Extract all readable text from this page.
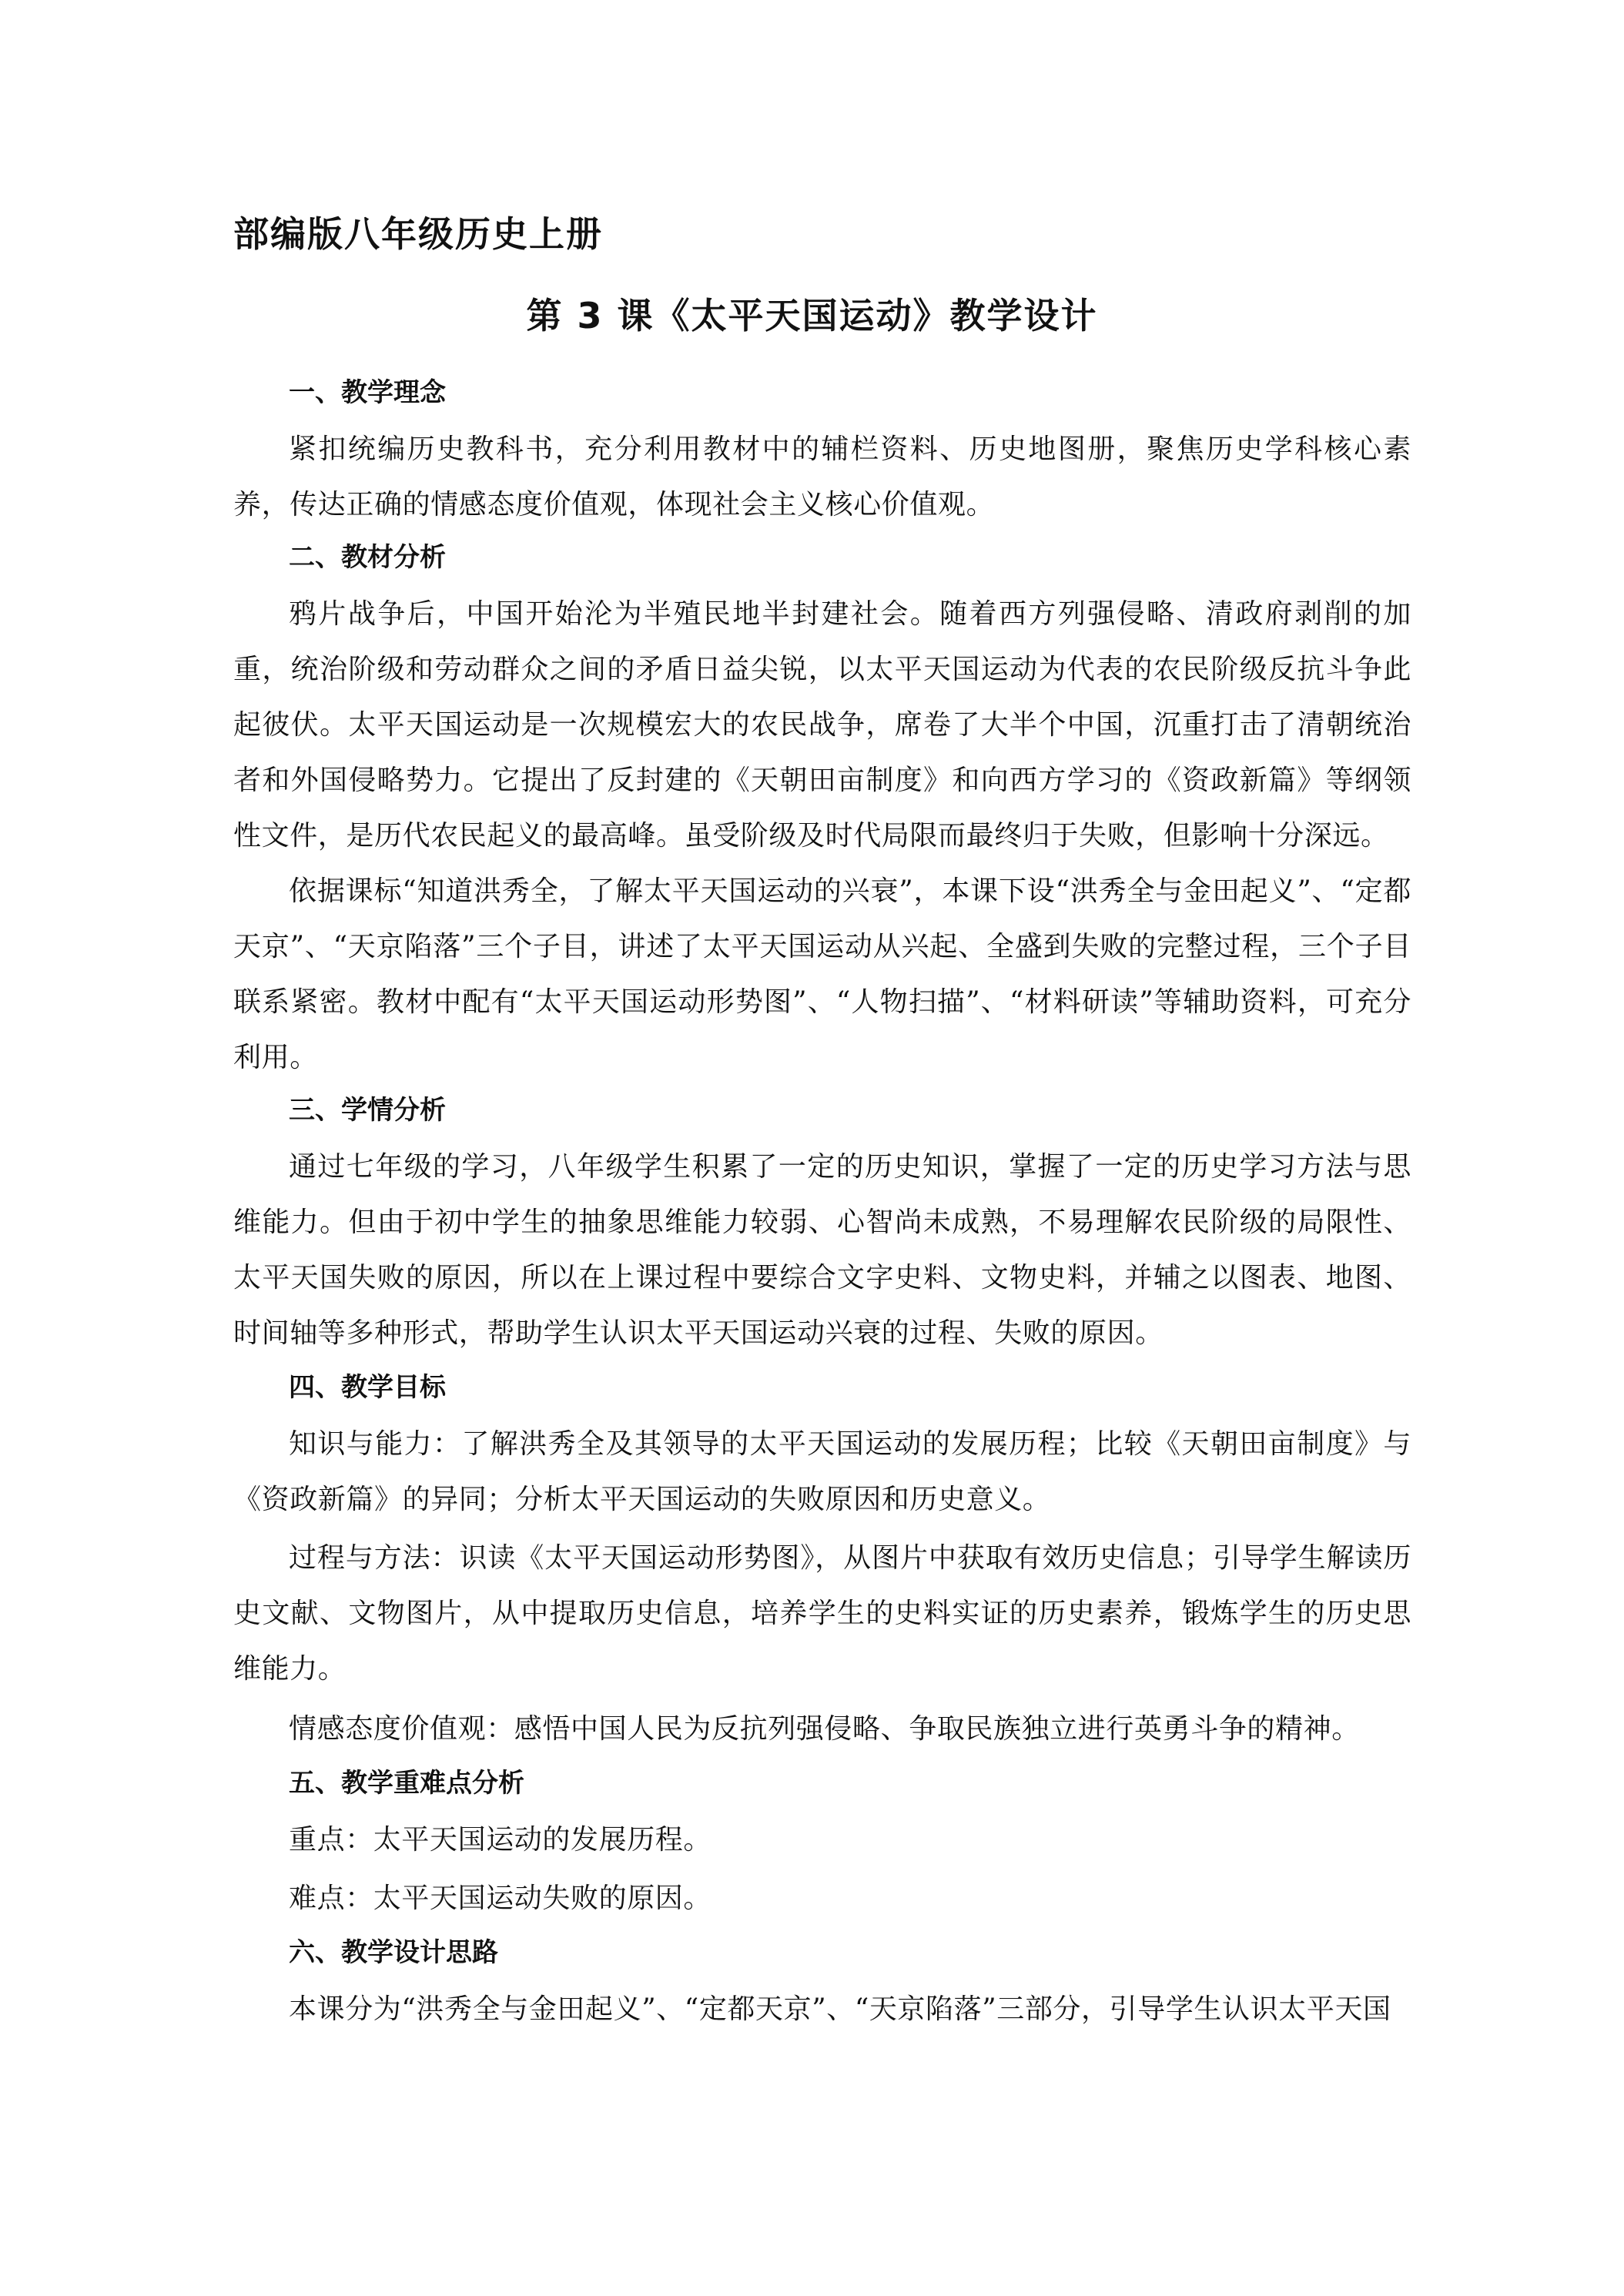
部编版八年级历史上册
第 3 课《太平天国运动》教学设计
一、教学理念

紧扣统编历史教科书，充分利用教材中的辅栏资料、历史地图册，聚焦历史学科核心素养，传达正确的情感态度价值观，体现社会主义核心价值观。

二、教材分析

鸦片战争后，中国开始沦为半殖民地半封建社会。随着西方列强侵略、清政府剥削的加重，统治阶级和劳动群众之间的矛盾日益尖锐，以太平天国运动为代表的农民阶级反抗斗争此起彼伏。太平天国运动是一次规模宏大的农民战争，席卷了大半个中国，沉重打击了清朝统治者和外国侵略势力。它提出了反封建的《天朝田亩制度》和向西方学习的《资政新篇》等纲领性文件，是历代农民起义的最高峰。虽受阶级及时代局限而最终归于失败，但影响十分深远。

依据课标“知道洪秀全，了解太平天国运动的兴衰”，本课下设“洪秀全与金田起义”、“定都天京”、“天京陷落”三个子目，讲述了太平天国运动从兴起、全盛到失败的完整过程，三个子目联系紧密。教材中配有“太平天国运动形势图”、“人物扫描”、“材料研读”等辅助资料，可充分利用。

三、学情分析

通过七年级的学习，八年级学生积累了一定的历史知识，掌握了一定的历史学习方法与思维能力。但由于初中学生的抽象思维能力较弱、心智尚未成熟，不易理解农民阶级的局限性、太平天国失败的原因，所以在上课过程中要综合文字史料、文物史料，并辅之以图表、地图、时间轴等多种形式，帮助学生认识太平天国运动兴衰的过程、失败的原因。

四、教学目标

知识与能力：了解洪秀全及其领导的太平天国运动的发展历程；比较《天朝田亩制度》与《资政新篇》的异同；分析太平天国运动的失败原因和历史意义。

过程与方法：识读《太平天国运动形势图》，从图片中获取有效历史信息；引导学生解读历史文献、文物图片，从中提取历史信息，培养学生的史料实证的历史素养，锻炼学生的历史思维能力。

情感态度价值观：感悟中国人民为反抗列强侵略、争取民族独立进行英勇斗争的精神。

五、教学重难点分析

重点：太平天国运动的发展历程。

难点：太平天国运动失败的原因。

六、教学设计思路

本课分为“洪秀全与金田起义”、“定都天京”、“天京陷落”三部分，引导学生认识太平天国
